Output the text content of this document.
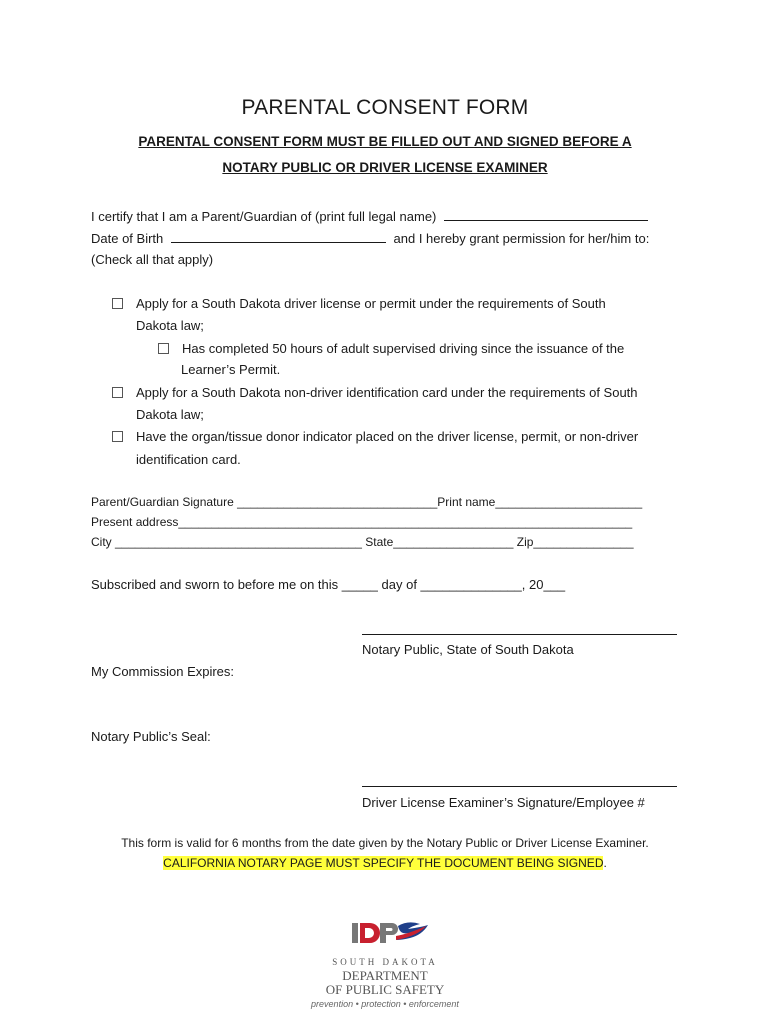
PARENTAL CONSENT FORM
PARENTAL CONSENT FORM MUST BE FILLED OUT AND SIGNED BEFORE A
NOTARY PUBLIC OR DRIVER LICENSE EXAMINER
I certify that I am a Parent/Guardian of (print full legal name)
Date of Birth	and I hereby grant permission for her/him to:
(Check all that apply)
Apply for a South Dakota driver license or permit under the requirements of South
Dakota law;
Has completed 50 hours of adult supervised driving since the issuance of the
Learner’s Permit.
Apply for a South Dakota non-driver identification card under the requirements of South
Dakota law;
Have the organ/tissue donor indicator placed on the driver license, permit, or non-driver
identification card.
Parent/Guardian Signature ______________________________Print name______________________
Present address____________________________________________________________________
City _____________________________________ State__________________ Zip_______________
Subscribed and sworn to before me on this _____ day of ______________, 20___
Notary Public, State of South Dakota
My Commission Expires:
Notary Public’s Seal:
Driver License Examiner’s Signature/Employee #
This form is valid for 6 months from the date given by the Notary Public or Driver License Examiner.
CALIFORNIA NOTARY PAGE MUST SPECIFY THE DOCUMENT BEING SIGNED.
SOUTH DAKOTA
DEPARTMENT
OF PUBLIC SAFETY
prevention • protection • enforcement
